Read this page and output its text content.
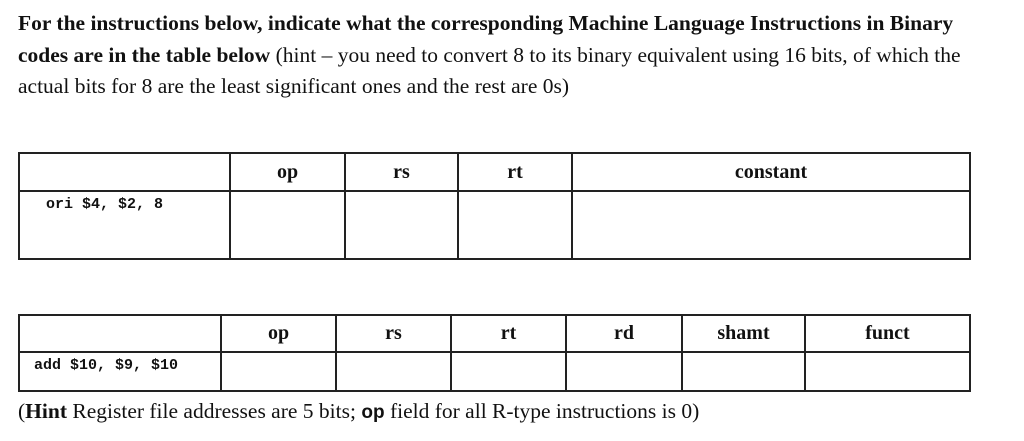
For the instructions below, indicate what the corresponding Machine Language Instructions in Binary codes are in the table below (hint – you need to convert 8 to its binary equivalent using 16 bits, of which the actual bits for 8 are the least significant ones and the rest are 0s)
	op	rs	rt	constant

ori $4, $2, 8				

	op	rs	rt	rd	shamt	funct

add $10, $9, $10						

(Hint Register file addresses are 5 bits; op field for all R-type instructions is 0)
